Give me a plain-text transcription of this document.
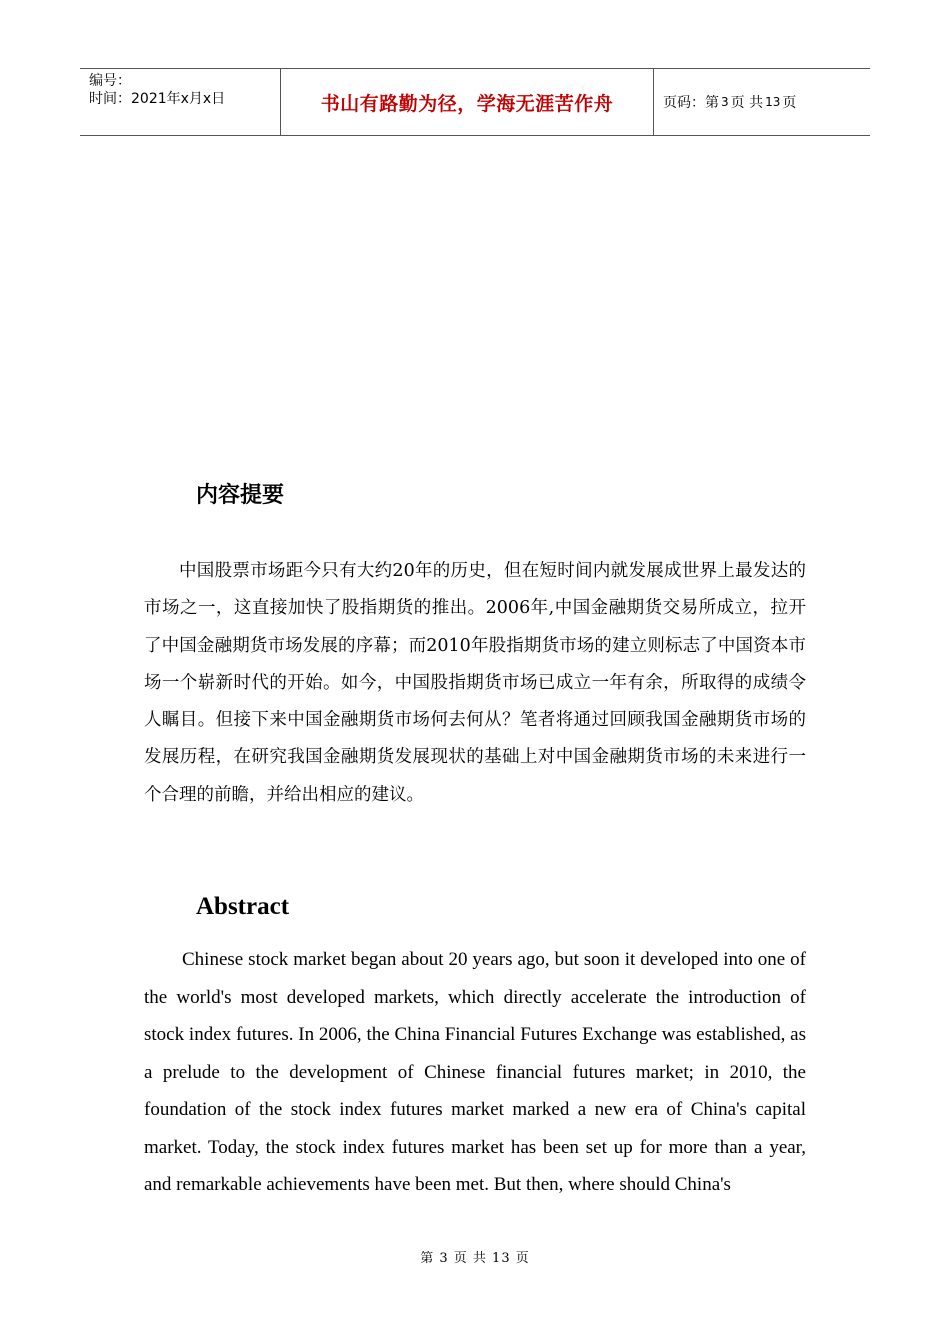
编号：
时间：2021年x月x日	书山有路勤为径，学海无涯苦作舟	页码：第 3 页 共 13 页
内容提要

中国股票市场距今只有大约20年的历史，但在短时间内就发展成世界上最发达的市场之一，这直接加快了股指期货的推出。2006年,中国金融期货交易所成立，拉开了中国金融期货市场发展的序幕；而2010年股指期货市场的建立则标志了中国资本市场一个崭新时代的开始。如今，中国股指期货市场已成立一年有余，所取得的成绩令人瞩目。但接下来中国金融期货市场何去何从？笔者将通过回顾我国金融期货市场的发展历程，在研究我国金融期货发展现状的基础上对中国金融期货市场的未来进行一个合理的前瞻，并给出相应的建议。

Abstract

Chinese stock market began about 20 years ago, but soon it developed into one of the world's most developed markets, which directly accelerate the introduction of stock index futures. In 2006, the China Financial Futures Exchange was established, as a prelude to the development of Chinese financial futures market; in 2010, the foundation of the stock index futures market marked a new era of China's capital market. Today, the stock index futures market has been set up for more than a year, and remarkable achievements have been met. But then, where should China's

第 3 页 共 13 页
